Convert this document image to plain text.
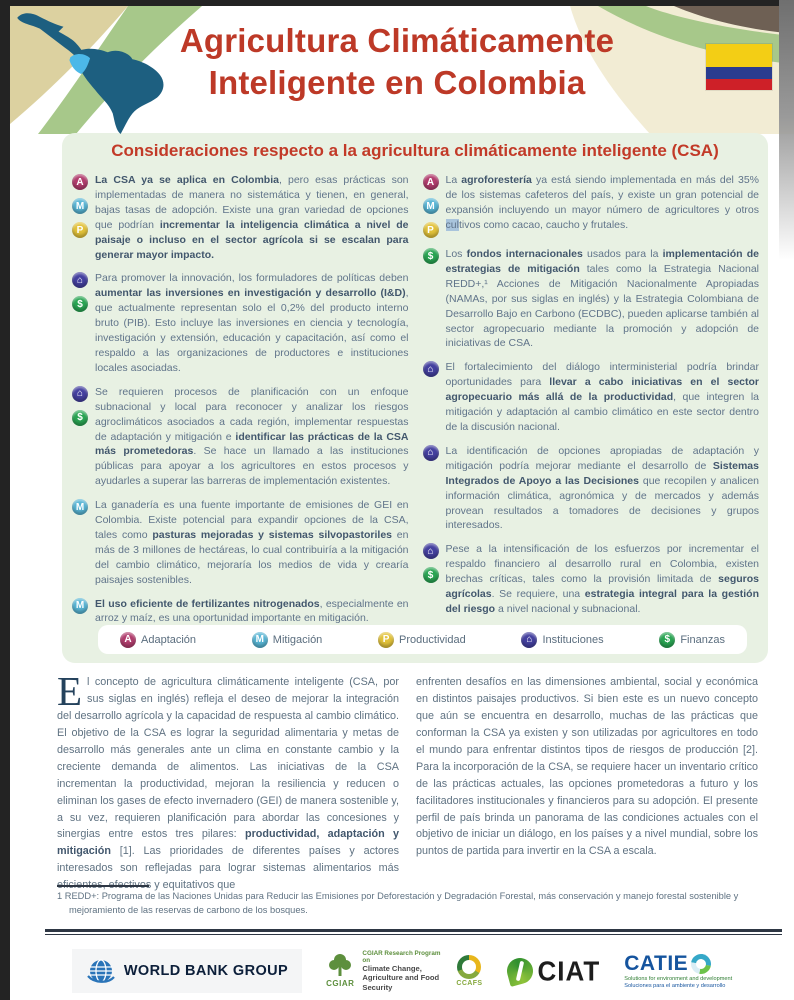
Agricultura Climáticamente
Inteligente en Colombia
Consideraciones respecto a la agricultura climáticamente inteligente (CSA)
A
M
P
La CSA ya se aplica en Colombia, pero esas prácticas son implementadas de manera no sistemática y tienen, en general, bajas tasas de adopción. Existe una gran variedad de opciones que podrían incrementar la inteligencia climática a nivel de paisaje o incluso en el sector agrícola si se escalan para generar mayor impacto.
⌂
$
Para promover la innovación, los formuladores de políticas deben aumentar las inversiones en investigación y desarrollo (I&D), que actualmente representan solo el 0,2% del producto interno bruto (PIB). Esto incluye las inversiones en ciencia y tecnología, investigación y extensión, educación y capacitación, así como el respaldo a las organizaciones de productores e instituciones locales asociadas.
⌂
$
Se requieren procesos de planificación con un enfoque subnacional y local para reconocer y analizar los riesgos agroclimáticos asociados a cada región, implementar respuestas de adaptación y mitigación e identificar las prácticas de la CSA más prometedoras. Se hace un llamado a las instituciones públicas para apoyar a los agricultores en estos procesos y ayudarles a superar las barreras de implementación existentes.
M	La ganadería es una fuente importante de emisiones de GEI en Colombia. Existe potencial para expandir opciones de la CSA, tales como pasturas mejoradas y sistemas silvopastoriles en más de 3 millones de hectáreas, lo cual contribuiría a la mitigación del cambio climático, mejoraría los medios de vida y crearía paisajes sostenibles.
M	El uso eficiente de fertilizantes nitrogenados, especialmente en arroz y maíz, es una oportunidad importante en mitigación.
A
M
P
La agroforestería ya está siendo implementada en más del 35% de los sistemas cafeteros del país, y existe un gran potencial de expansión incluyendo un mayor número de agricultores y otros cultivos como cacao, caucho y frutales.
$	Los fondos internacionales usados para la implementación de estrategias de mitigación tales como la Estrategia Nacional REDD+,¹ Acciones de Mitigación Nacionalmente Apropiadas (NAMAs, por sus siglas en inglés) y la Estrategia Colombiana de Desarrollo Bajo en Carbono (ECDBC), pueden aplicarse también al sector agropecuario mediante la promoción y adopción de iniciativas de CSA.
⌂	El fortalecimiento del diálogo interministerial podría brindar oportunidades para llevar a cabo iniciativas en el sector agropecuario más allá de la productividad, que integren la mitigación y adaptación al cambio climático en este sector dentro de la discusión nacional.
⌂	La identificación de opciones apropiadas de adaptación y mitigación podría mejorar mediante el desarrollo de Sistemas Integrados de Apoyo a las Decisiones que recopilen y analicen información climática, agronómica y de mercados y además provean resultados a tomadores de decisiones y grupos interesados.
⌂
$
Pese a la intensificación de los esfuerzos por incrementar el respaldo financiero al desarrollo rural en Colombia, existen brechas críticas, tales como la provisión limitada de seguros agrícolas. Se requiere, una estrategia integral para la gestión del riesgo a nivel nacional y subnacional.
A Adaptación	M Mitigación	P Productividad	⌂ Instituciones	$ Finanzas
El concepto de agricultura climáticamente inteligente (CSA, por sus siglas en inglés) refleja el deseo de mejorar la integración del desarrollo agrícola y la capacidad de respuesta al cambio climático. El objetivo de la CSA es lograr la seguridad alimentaria y metas de desarrollo más generales ante un clima en constante cambio y la creciente demanda de alimentos. Las iniciativas de la CSA incrementan la productividad, mejoran la resiliencia y reducen o eliminan los gases de efecto invernadero (GEI) de manera sostenible y, a su vez, requieren planificación para abordar las concesiones y sinergias entre estos tres pilares: productividad, adaptación y mitigación [1]. Las prioridades de diferentes países y actores interesados son reflejadas para lograr sistemas alimentarios más eficientes, efectivos y equitativos que
enfrenten desafíos en las dimensiones ambiental, social y económica en distintos paisajes productivos. Si bien este es un nuevo concepto que aún se encuentra en desarrollo, muchas de las prácticas que conforman la CSA ya existen y son utilizadas por agricultores en todo el mundo para enfrentar distintos tipos de riesgos de producción [2]. Para la incorporación de la CSA, se requiere hacer un inventario crítico de las prácticas actuales, las opciones prometedoras a futuro y los facilitadores institucionales y financieros para su adopción. El presente perfil de país brinda un panorama de las condiciones actuales con el objetivo de iniciar un diálogo, en los países y a nivel mundial, sobre los puntos de partida para invertir en la CSA a escala.
1 REDD+: Programa de las Naciones Unidas para Reducir las Emisiones por Deforestación y Degradación Forestal, más conservación y manejo forestal sostenible y mejoramiento de las reservas de carbono de los bosques.
WORLD BANK GROUP
CGIAR
CGIAR Research Program on
Climate Change, Agriculture and Food Security	CCAFS CIAT CATIE
Solutions for environment and development
Soluciones para el ambiente y desarrollo
